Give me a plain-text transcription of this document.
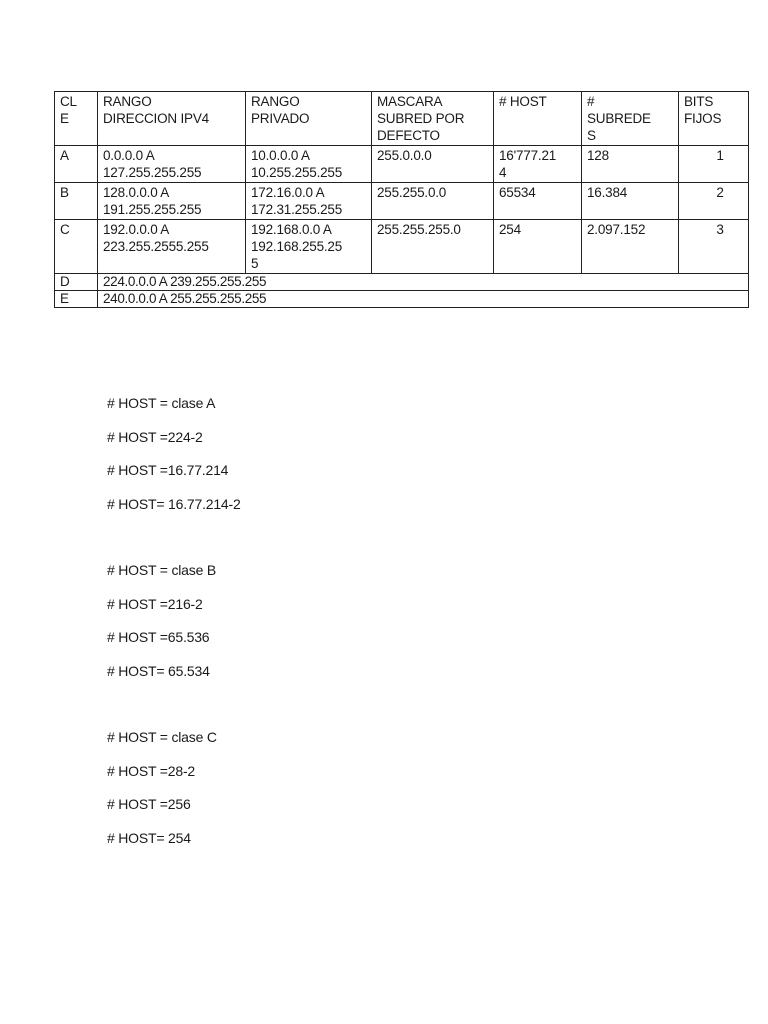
CL
E	RANGO
DIRECCION IPV4	RANGO
PRIVADO	MASCARA
SUBRED POR
DEFECTO	# HOST	#
SUBREDE
S	BITS
FIJOS

A	0.0.0.0 A
127.255.255.255	10.0.0.0 A
10.255.255.255	255.0.0.0	16'777.21
4	128	1

B	128.0.0.0 A
191.255.255.255	172.16.0.0 A
172.31.255.255	255.255.0.0	65534	16.384	2

C	192.0.0.0 A
223.255.2555.255	192.168.0.0 A
192.168.255.25
5	255.255.255.0	254	2.097.152	3

D	224.0.0.0 A 239.255.255.255					
E	240.0.0.0 A 255.255.255.255					
# HOST = clase A
# HOST =224-2
# HOST =16.77.214
# HOST= 16.77.214-2
# HOST = clase B
# HOST =216-2
# HOST =65.536
# HOST= 65.534
# HOST = clase C
# HOST =28-2
# HOST =256
# HOST= 254
